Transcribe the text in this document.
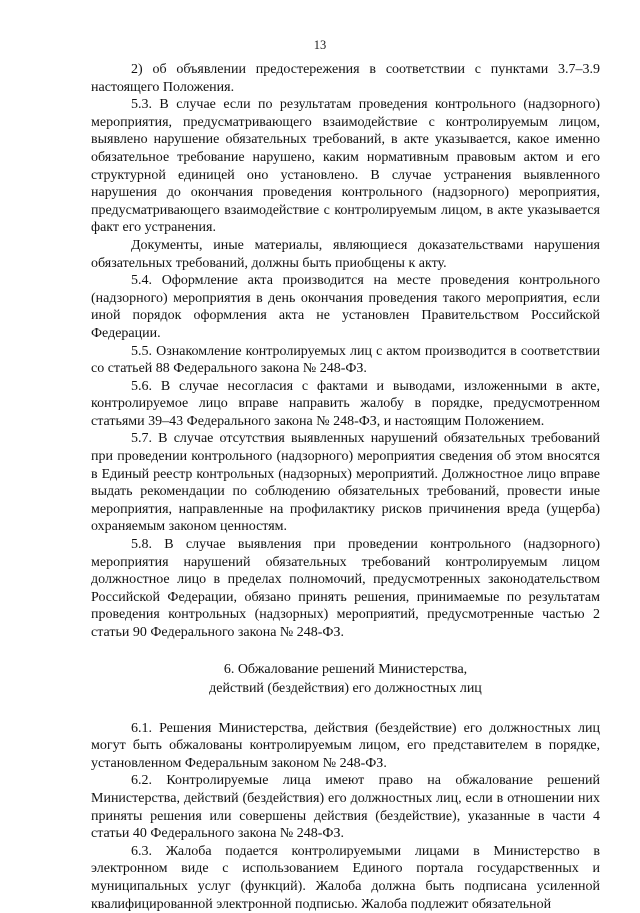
13

2) об объявлении предостережения в соответствии с пунктами 3.7–3.9 настоящего Положения.

5.3. В случае если по результатам проведения контрольного (надзорного) мероприятия, предусматривающего взаимодействие с контролируемым лицом, выявлено нарушение обязательных требований, в акте указывается, какое именно обязательное требование нарушено, каким нормативным правовым актом и его структурной единицей оно установлено. В случае устранения выявленного нарушения до окончания проведения контрольного (надзорного) мероприятия, предусматривающего взаимодействие с контролируемым лицом, в акте указывается факт его устранения.

Документы, иные материалы, являющиеся доказательствами нарушения обязательных требований, должны быть приобщены к акту.

5.4. Оформление акта производится на месте проведения контрольного (надзорного) мероприятия в день окончания проведения такого мероприятия, если иной порядок оформления акта не установлен Правительством Российской Федерации.

5.5. Ознакомление контролируемых лиц с актом производится в соответствии со статьей 88 Федерального закона № 248-ФЗ.

5.6. В случае несогласия с фактами и выводами, изложенными в акте, контролируемое лицо вправе направить жалобу в порядке, предусмотренном статьями 39–43 Федерального закона № 248-ФЗ, и настоящим Положением.

5.7. В случае отсутствия выявленных нарушений обязательных требований при проведении контрольного (надзорного) мероприятия сведения об этом вносятся в Единый реестр контрольных (надзорных) мероприятий. Должностное лицо вправе выдать рекомендации по соблюдению обязательных требований, провести иные мероприятия, направленные на профилактику рисков причинения вреда (ущерба) охраняемым законом ценностям.

5.8. В случае выявления при проведении контрольного (надзорного) мероприятия нарушений обязательных требований контролируемым лицом должностное лицо в пределах полномочий, предусмотренных законодательством Российской Федерации, обязано принять решения, принимаемые по результатам проведения контрольных (надзорных) мероприятий, предусмотренные частью 2 статьи 90 Федерального закона № 248-ФЗ.

6. Обжалование решений Министерства,
действий (бездействия) его должностных лиц

6.1. Решения Министерства, действия (бездействие) его должностных лиц могут быть обжалованы контролируемым лицом, его представителем в порядке, установленном Федеральным законом № 248-ФЗ.

6.2. Контролируемые лица имеют право на обжалование решений Министерства, действий (бездействия) его должностных лиц, если в отношении них приняты решения или совершены действия (бездействие), указанные в части 4 статьи 40 Федерального закона № 248-ФЗ.

6.3. Жалоба подается контролируемыми лицами в Министерство в электронном виде с использованием Единого портала государственных и муниципальных услуг (функций). Жалоба должна быть подписана усиленной квалифицированной электронной подписью. Жалоба подлежит обязательной
